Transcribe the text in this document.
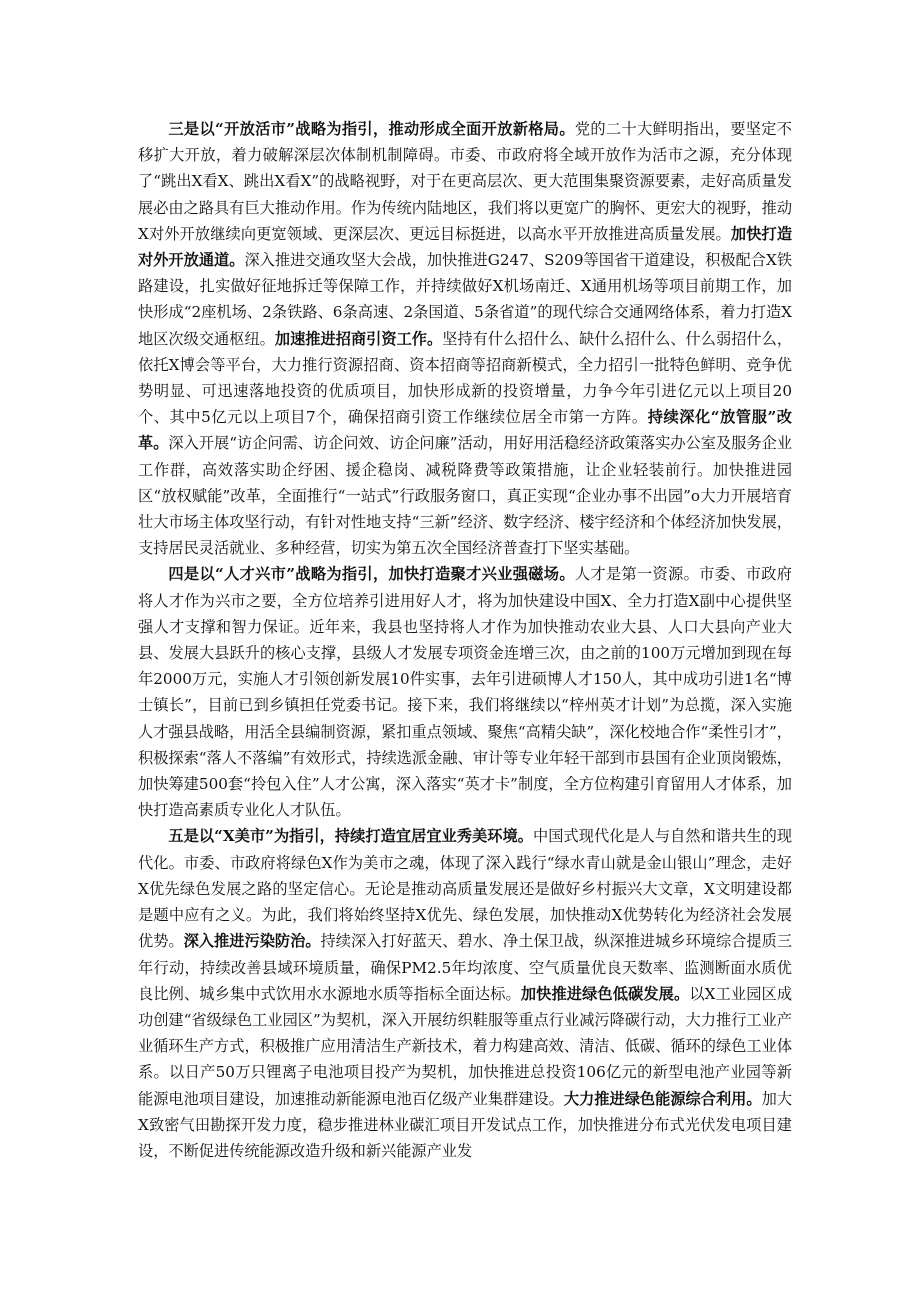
三是以“开放活市”战略为指引，推动形成全面开放新格局。党的二十大鲜明指出，要坚定不移扩大开放，着力破解深层次体制机制障碍。市委、市政府将全域开放作为活市之源，充分体现了“跳出X看X、跳出X看X”的战略视野，对于在更高层次、更大范围集聚资源要素，走好高质量发展必由之路具有巨大推动作用。作为传统内陆地区，我们将以更宽广的胸怀、更宏大的视野，推动X对外开放继续向更宽领域、更深层次、更远目标挺进，以高水平开放推进高质量发展。加快打造对外开放通道。深入推进交通攻坚大会战，加快推进G247、S209等国省干道建设，积极配合X铁路建设，扎实做好征地拆迁等保障工作，并持续做好X机场南迁、X通用机场等项目前期工作，加快形成“2座机场、2条铁路、6条高速、2条国道、5条省道”的现代综合交通网络体系，着力打造X地区次级交通枢纽。加速推进招商引资工作。坚持有什么招什么、缺什么招什么、什么弱招什么，依托X博会等平台，大力推行资源招商、资本招商等招商新模式，全力招引一批特色鲜明、竞争优势明显、可迅速落地投资的优质项目，加快形成新的投资增量，力争今年引进亿元以上项目20个、其中5亿元以上项目7个，确保招商引资工作继续位居全市第一方阵。持续深化“放管服”改革。深入开展“访企问需、访企问效、访企问廉”活动，用好用活稳经济政策落实办公室及服务企业工作群，高效落实助企纾困、援企稳岗、减税降费等政策措施，让企业轻装前行。加快推进园区“放权赋能”改革，全面推行“一站式”行政服务窗口，真正实现“企业办事不出园”o大力开展培育壮大市场主体攻坚行动，有针对性地支持“三新”经济、数字经济、楼宇经济和个体经济加快发展，支持居民灵活就业、多种经营，切实为第五次全国经济普查打下坚实基础。

四是以“人才兴市”战略为指引，加快打造聚才兴业强磁场。人才是第一资源。市委、市政府将人才作为兴市之要，全方位培养引进用好人才，将为加快建设中国X、全力打造X副中心提供坚强人才支撑和智力保证。近年来，我县也坚持将人才作为加快推动农业大县、人口大县向产业大县、发展大县跃升的核心支撑，县级人才发展专项资金连增三次，由之前的100万元增加到现在每年2000万元，实施人才引领创新发展10件实事，去年引进硕博人才150人，其中成功引进1名“博士镇长”，目前已到乡镇担任党委书记。接下来，我们将继续以“梓州英才计划”为总揽，深入实施人才强县战略，用活全县编制资源，紧扣重点领域、聚焦“高精尖缺”，深化校地合作“柔性引才”，积极探索“落人不落编”有效形式，持续选派金融、审计等专业年轻干部到市县国有企业顶岗锻炼，加快筹建500套“拎包入住”人才公寓，深入落实“英才卡”制度，全方位构建引育留用人才体系，加快打造高素质专业化人才队伍。

五是以“X美市”为指引，持续打造宜居宜业秀美环境。中国式现代化是人与自然和谐共生的现代化。市委、市政府将绿色X作为美市之魂，体现了深入践行“绿水青山就是金山银山”理念，走好X优先绿色发展之路的坚定信心。无论是推动高质量发展还是做好乡村振兴大文章，X文明建设都是题中应有之义。为此，我们将始终坚持X优先、绿色发展，加快推动X优势转化为经济社会发展优势。深入推进污染防治。持续深入打好蓝天、碧水、净土保卫战，纵深推进城乡环境综合提质三年行动，持续改善县域环境质量，确保PM2.5年均浓度、空气质量优良天数率、监测断面水质优良比例、城乡集中式饮用水水源地水质等指标全面达标。加快推进绿色低碳发展。以X工业园区成功创建“省级绿色工业园区”为契机，深入开展纺织鞋服等重点行业减污降碳行动，大力推行工业产业循环生产方式，积极推广应用清洁生产新技术，着力构建高效、清洁、低碳、循环的绿色工业体系。以日产50万只锂离子电池项目投产为契机，加快推进总投资106亿元的新型电池产业园等新能源电池项目建设，加速推动新能源电池百亿级产业集群建设。大力推进绿色能源综合利用。加大X致密气田勘探开发力度，稳步推进林业碳汇项目开发试点工作，加快推进分布式光伏发电项目建设，不断促进传统能源改造升级和新兴能源产业发
